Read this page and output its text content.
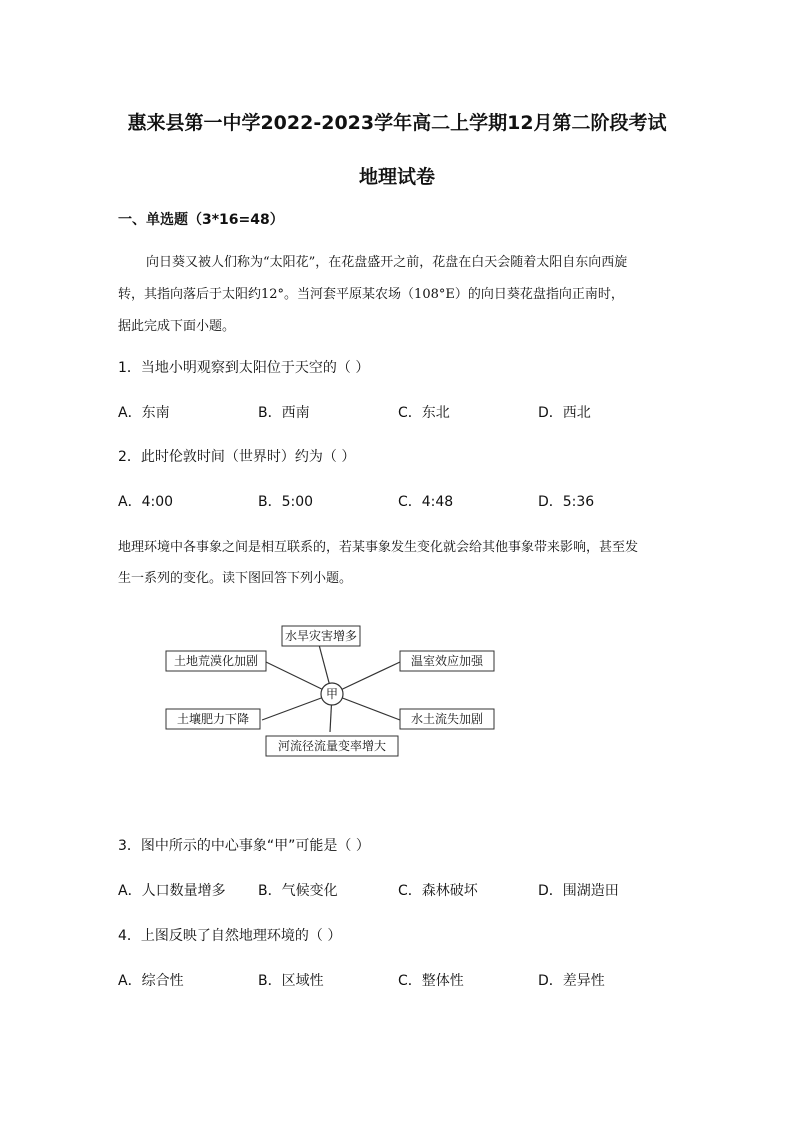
惠来县第一中学2022-2023学年高二上学期12月第二阶段考试
地理试卷
一、单选题（3*16=48）
向日葵又被人们称为“太阳花”，在花盘盛开之前，花盘在白天会随着太阳自东向西旋
转，其指向落后于太阳约12°。当河套平原某农场（108°E）的向日葵花盘指向正南时，
据此完成下面小题。
1．当地小明观察到太阳位于天空的（ ）
A．东南	B．西南	C．东北	D．西北
2．此时伦敦时间（世界时）约为（ ）
A．4:00	B．5:00	C．4:48	D．5:36
地理环境中各事象之间是相互联系的，若某事象发生变化就会给其他事象带来影响，甚至发
生一系列的变化。读下图回答下列小题。
甲
水旱灾害增多
温室效应加强
水土流失加剧
河流径流量变率增大
土壤肥力下降
土地荒漠化加剧
3．图中所示的中心事象“甲”可能是（ ）
A．人口数量增多 B．气候变化	C．森林破坏	D．围湖造田
4．上图反映了自然地理环境的（ ）
A．综合性	B．区域性	C．整体性	D．差异性
